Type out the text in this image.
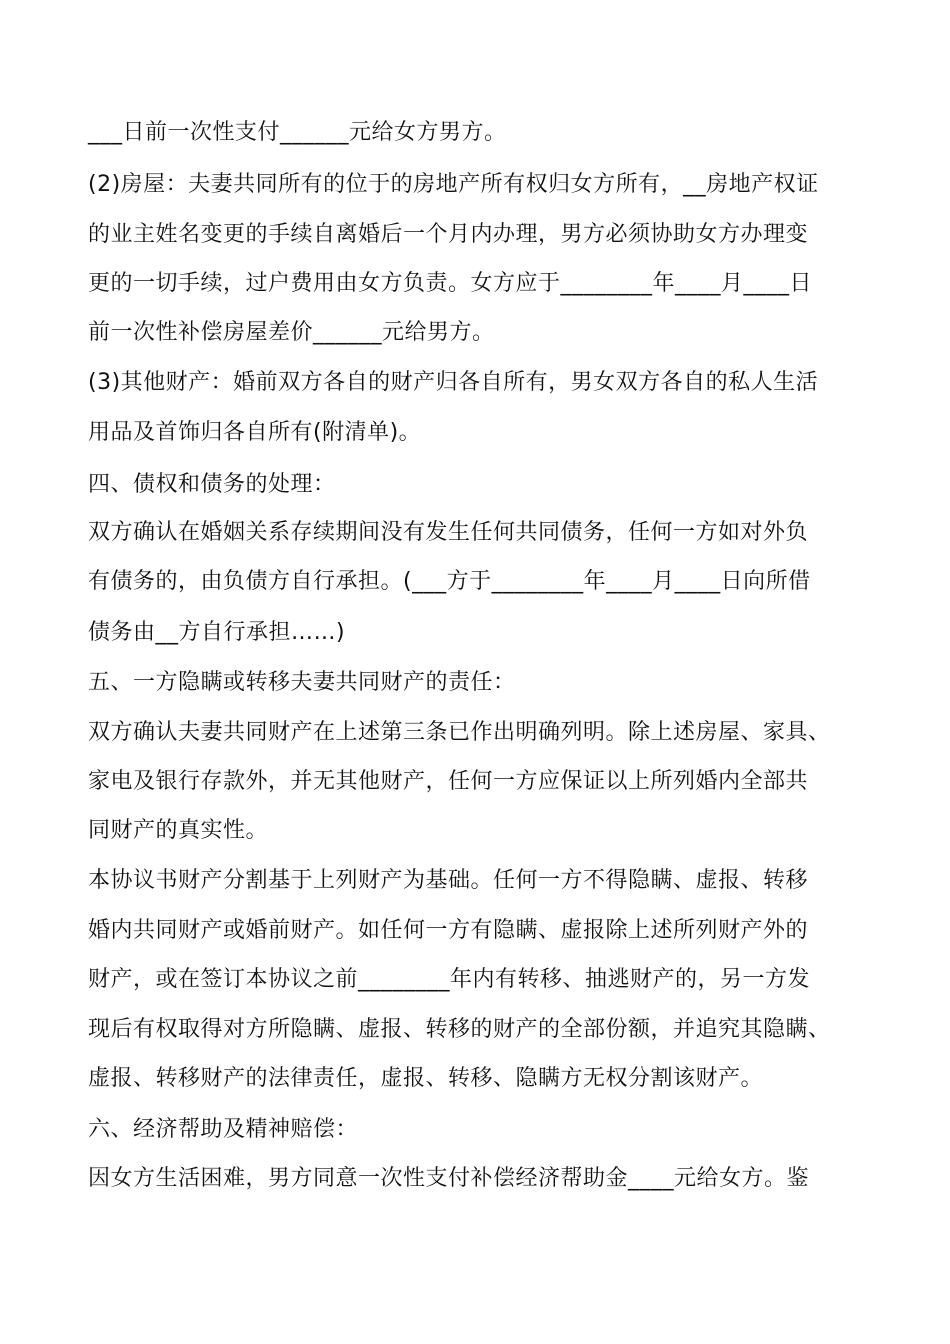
___日前一次性支付______元给女方男方。
(2)房屋：夫妻共同所有的位于的房地产所有权归女方所有，__房地产权证
的业主姓名变更的手续自离婚后一个月内办理，男方必须协助女方办理变
更的一切手续，过户费用由女方负责。女方应于________年____月____日
前一次性补偿房屋差价______元给男方。
(3)其他财产：婚前双方各自的财产归各自所有，男女双方各自的私人生活
用品及首饰归各自所有(附清单)。
四、债权和债务的处理：
双方确认在婚姻关系存续期间没有发生任何共同债务，任何一方如对外负
有债务的，由负债方自行承担。(___方于________年____月____日向所借
债务由__方自行承担……)
五、一方隐瞒或转移夫妻共同财产的责任：
双方确认夫妻共同财产在上述第三条已作出明确列明。除上述房屋、家具、
家电及银行存款外，并无其他财产，任何一方应保证以上所列婚内全部共
同财产的真实性。
本协议书财产分割基于上列财产为基础。任何一方不得隐瞒、虚报、转移
婚内共同财产或婚前财产。如任何一方有隐瞒、虚报除上述所列财产外的
财产，或在签订本协议之前________年内有转移、抽逃财产的，另一方发
现后有权取得对方所隐瞒、虚报、转移的财产的全部份额，并追究其隐瞒、
虚报、转移财产的法律责任，虚报、转移、隐瞒方无权分割该财产。
六、经济帮助及精神赔偿：
因女方生活困难，男方同意一次性支付补偿经济帮助金____元给女方。鉴
